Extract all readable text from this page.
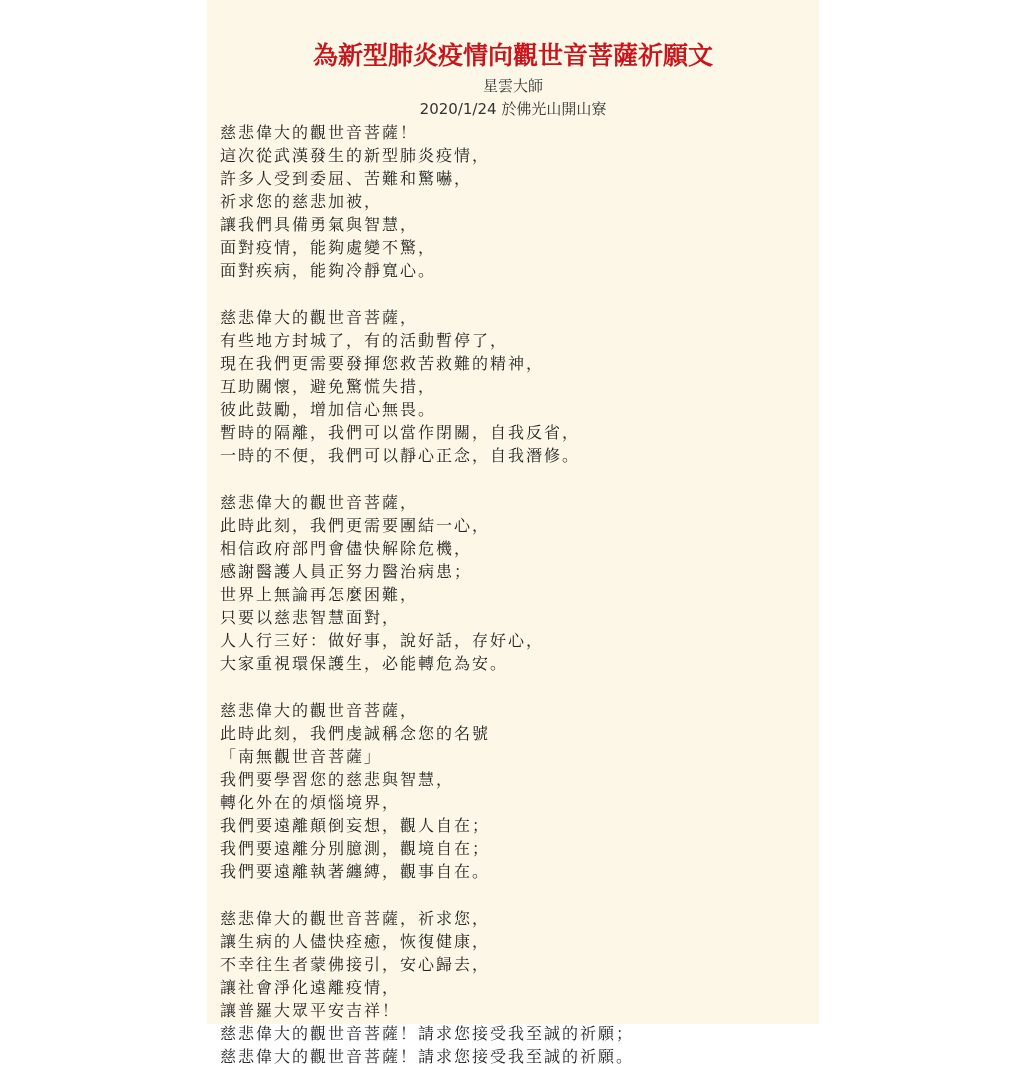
為新型肺炎疫情向觀世音菩薩祈願文
星雲大師
2020/1/24 於佛光山開山寮
慈悲偉大的觀世音菩薩！
這次從武漢發生的新型肺炎疫情，
許多人受到委屈、苦難和驚嚇，
祈求您的慈悲加被，
讓我們具備勇氣與智慧，
面對疫情，能夠處變不驚，
面對疾病，能夠冷靜寬心。
慈悲偉大的觀世音菩薩，
有些地方封城了，有的活動暫停了，
現在我們更需要發揮您救苦救難的精神，
互助關懷，避免驚慌失措，
彼此鼓勵，增加信心無畏。
暫時的隔離，我們可以當作閉關，自我反省，
一時的不便，我們可以靜心正念，自我潛修。
慈悲偉大的觀世音菩薩，
此時此刻，我們更需要團結一心，
相信政府部門會儘快解除危機，
感謝醫護人員正努力醫治病患；
世界上無論再怎麼困難，
只要以慈悲智慧面對，
人人行三好：做好事，說好話，存好心，
大家重視環保護生，必能轉危為安。
慈悲偉大的觀世音菩薩，
此時此刻，我們虔誠稱念您的名號
「南無觀世音菩薩」
我們要學習您的慈悲與智慧，
轉化外在的煩惱境界，
我們要遠離顛倒妄想，觀人自在；
我們要遠離分別臆測，觀境自在；
我們要遠離執著纏縛，觀事自在。
慈悲偉大的觀世音菩薩，祈求您，
讓生病的人儘快痊癒，恢復健康，
不幸往生者蒙佛接引，安心歸去，
讓社會淨化遠離疫情，
讓普羅大眾平安吉祥！
慈悲偉大的觀世音菩薩！請求您接受我至誠的祈願；
慈悲偉大的觀世音菩薩！請求您接受我至誠的祈願。
